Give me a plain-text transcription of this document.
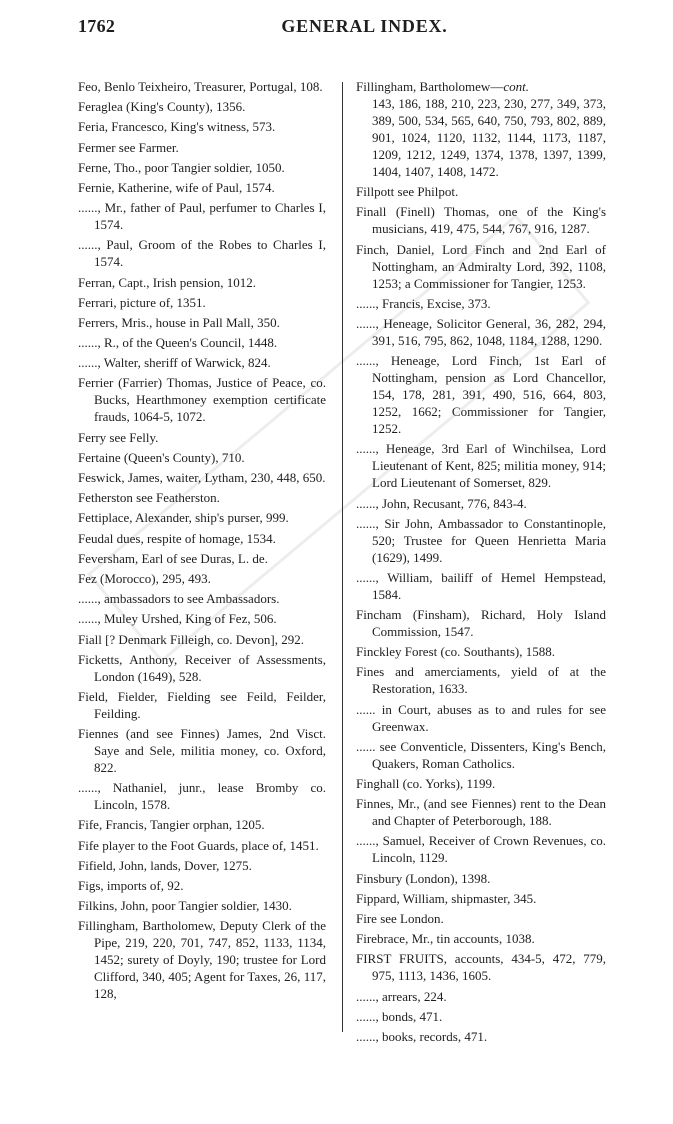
1762	GENERAL INDEX.
Feo, Benlo Teixheiro, Treasurer, Portugal, 108.
Feraglea (King's County), 1356.
Feria, Francesco, King's witness, 573.
Fermer see Farmer.
Ferne, Tho., poor Tangier soldier, 1050.
Fernie, Katherine, wife of Paul, 1574.
......, Mr., father of Paul, perfumer to Charles I, 1574.
......, Paul, Groom of the Robes to Charles I, 1574.
Ferran, Capt., Irish pension, 1012.
Ferrari, picture of, 1351.
Ferrers, Mris., house in Pall Mall, 350.
......, R., of the Queen's Council, 1448.
......, Walter, sheriff of Warwick, 824.
Ferrier (Farrier) Thomas, Justice of Peace, co. Bucks, Hearthmoney exemption certificate frauds, 1064-5, 1072.
Ferry see Felly.
Fertaine (Queen's County), 710.
Feswick, James, waiter, Lytham, 230, 448, 650.
Fetherston see Featherston.
Fettiplace, Alexander, ship's purser, 999.
Feudal dues, respite of homage, 1534.
Feversham, Earl of see Duras, L. de.
Fez (Morocco), 295, 493.
......, ambassadors to see Ambassadors.
......, Muley Urshed, King of Fez, 506.
Fiall [? Denmark Filleigh, co. Devon], 292.
Ficketts, Anthony, Receiver of Assessments, London (1649), 528.
Field, Fielder, Fielding see Feild, Feilder, Feilding.
Fiennes (and see Finnes) James, 2nd Visct. Saye and Sele, militia money, co. Oxford, 822.
......, Nathaniel, junr., lease Bromby co. Lincoln, 1578.
Fife, Francis, Tangier orphan, 1205.
Fife player to the Foot Guards, place of, 1451.
Fifield, John, lands, Dover, 1275.
Figs, imports of, 92.
Filkins, John, poor Tangier soldier, 1430.
Fillingham, Bartholomew, Deputy Clerk of the Pipe, 219, 220, 701, 747, 852, 1133, 1134, 1452; surety of Doyly, 190; trustee for Lord Clifford, 340, 405; Agent for Taxes, 26, 117, 128,
Fillingham, Bartholomew—cont.
143, 186, 188, 210, 223, 230, 277, 349, 373, 389, 500, 534, 565, 640, 750, 793, 802, 889, 901, 1024, 1120, 1132, 1144, 1173, 1187, 1209, 1212, 1249, 1374, 1378, 1397, 1399, 1404, 1407, 1408, 1472.
Fillpott see Philpot.
Finall (Finell) Thomas, one of the King's musicians, 419, 475, 544, 767, 916, 1287.
Finch, Daniel, Lord Finch and 2nd Earl of Nottingham, an Admiralty Lord, 392, 1108, 1253; a Commissioner for Tangier, 1253.
......, Francis, Excise, 373.
......, Heneage, Solicitor General, 36, 282, 294, 391, 516, 795, 862, 1048, 1184, 1288, 1290.
......, Heneage, Lord Finch, 1st Earl of Nottingham, pension as Lord Chancellor, 154, 178, 281, 391, 490, 516, 664, 803, 1252, 1662; Commissioner for Tangier, 1252.
......, Heneage, 3rd Earl of Winchilsea, Lord Lieutenant of Kent, 825; militia money, 914; Lord Lieutenant of Somerset, 829.
......, John, Recusant, 776, 843-4.
......, Sir John, Ambassador to Constantinople, 520; Trustee for Queen Henrietta Maria (1629), 1499.
......, William, bailiff of Hemel Hempstead, 1584.
Fincham (Finsham), Richard, Holy Island Commission, 1547.
Finckley Forest (co. Southants), 1588.
Fines and amerciaments, yield of at the Restoration, 1633.
...... in Court, abuses as to and rules for see Greenwax.
...... see Conventicle, Dissenters, King's Bench, Quakers, Roman Catholics.
Finghall (co. Yorks), 1199.
Finnes, Mr., (and see Fiennes) rent to the Dean and Chapter of Peterborough, 188.
......, Samuel, Receiver of Crown Revenues, co. Lincoln, 1129.
Finsbury (London), 1398.
Fippard, William, shipmaster, 345.
Fire see London.
Firebrace, Mr., tin accounts, 1038.
FIRST FRUITS, accounts, 434-5, 472, 779, 975, 1113, 1436, 1605.
......, arrears, 224.
......, bonds, 471.
......, books, records, 471.
